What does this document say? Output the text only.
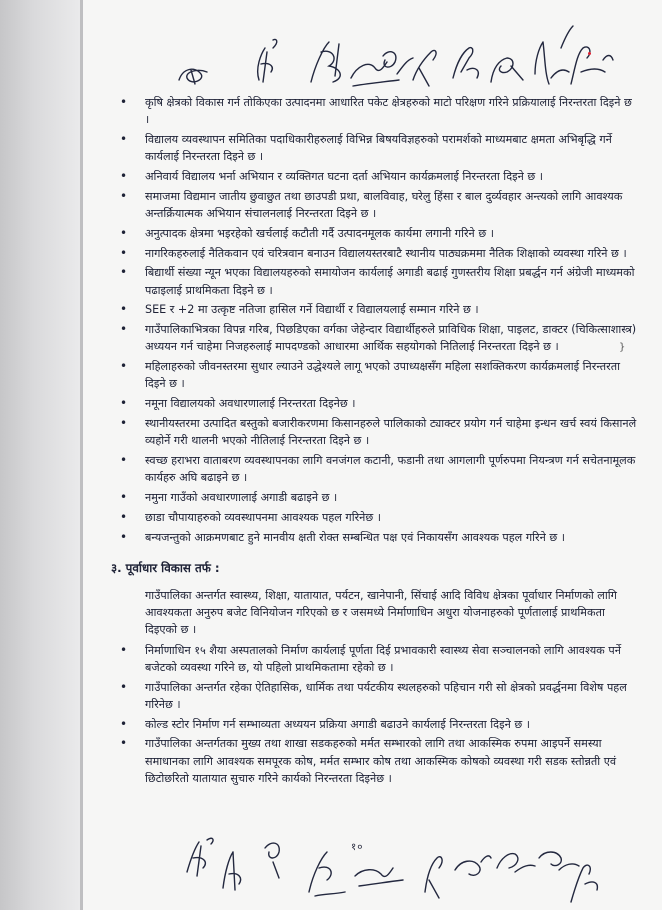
• कृषि क्षेत्रको विकास गर्न तोकिएका उत्पादनमा आधारित पकेट क्षेत्रहरुको माटो परिक्षण गरिने प्रक्रियालाई निरन्तरता दिइने छ ।
• विद्यालय व्यवस्थापन समितिका पदाधिकारीहरुलाई विभिन्न बिषयविज्ञहरुको परामर्शको माध्यमबाट क्षमता अभिबृद्धि गर्ने कार्यलाई निरन्तरता दिइने छ ।
• अनिवार्य विद्यालय भर्ना अभियान र व्यक्तिगत घटना दर्ता अभियान कार्यक्रमलाई निरन्तरता दिइने छ ।
• समाजमा विद्यमान जातीय छुवाछुत तथा छाउपडी प्रथा, बालविवाह, घरेलु हिंसा र बाल दुर्व्यवहार अन्त्यको लागि आवश्यक अन्तर्क्रियात्मक अभियान संचालनलाई निरन्तरता दिइने छ ।
• अनुत्पादक क्षेत्रमा भइरहेको खर्चलाई कटौती गर्दै उत्पादनमूलक कार्यमा लगानी गरिने छ ।
• नागरिकहरुलाई नैतिकवान एवं चरित्रवान बनाउन विद्यालयस्तरबाटै स्थानीय पाठ्यक्रममा नैतिक शिक्षाको व्यवस्था गरिने छ ।
• बिद्यार्थी संख्या न्यून भएका विद्यालयहरुको समायोजन कार्यलाई अगाडी बढाई गुणस्तरीय शिक्षा प्रबर्द्धन गर्न अंग्रेजी माध्यमको पढाइलाई प्राथमिकता दिइने छ ।
• SEE र +2 मा उत्कृष्ट नतिजा हासिल गर्ने विद्यार्थी र विद्यालयलाई सम्मान गरिने छ ।
• गाउँपालिकाभित्रका विपन्न गरिब, पिछडिएका वर्गका जेहेन्दार विद्यार्थीहरुले प्राविधिक शिक्षा, पाइलट, डाक्टर (चिकित्साशास्त्र) अध्ययन गर्न चाहेमा निजहरुलाई मापदण्डको आधारमा आर्थिक सहयोगको नितिलाई निरन्तरता दिइने छ ।
• महिलाहरुको जीवनस्तरमा सुधार ल्याउने उद्धेश्यले लागू भएको उपाध्यक्षसँग महिला सशक्तिकरण कार्यक्रमलाई निरन्तरता दिइने छ ।
• नमूना विद्यालयको अवधारणालाई निरन्तरता दिइनेछ ।
• स्थानीयस्तरमा उत्पादित बस्तुको बजारीकरणमा किसानहरुले पालिकाको ट्याक्टर प्रयोग गर्न चाहेमा इन्धन खर्च स्वयं किसानले व्यहोर्ने गरी थालनी भएको नीतिलाई निरन्तरता दिइने छ ।
• स्वच्छ हराभरा वाताबरण व्यवस्थापनका लागि वनजंगल कटानी, फडानी तथा आगलागी पूर्णरुपमा नियन्त्रण गर्न सचेतनामूलक कार्यहरु अघि बढाइने छ ।
• नमुना गाउँको अवधारणालाई अगाडी बढाइने छ ।
• छाडा चौपायाहरुको व्यवस्थापनमा आवश्यक पहल गरिनेछ ।
• बन्यजन्तुको आक्रमणबाट हुने मानवीय क्षती रोक्त सम्बन्धित पक्ष एवं निकायसँग आवश्यक पहल गरिने छ ।
३. पूर्वाधार विकास तर्फ :

गाउँपालिका अन्तर्गत स्वास्थ्य, शिक्षा, यातायात, पर्यटन, खानेपानी, सिंचाई आदि विविध क्षेत्रका पूर्वाधार निर्माणको लागि आवश्यकता अनुरुप बजेट विनियोजन गरिएको छ र जसमध्ये निर्माणाधिन अधुरा योजनाहरुको पूर्णतालाई प्राथमिकता दिइएको छ ।

• निर्माणाधिन १५ शैया अस्पतालको निर्माण कार्यलाई पूर्णता दिई प्रभावकारी स्वास्थ्य सेवा सञ्चालनको लागि आवश्यक पर्ने बजेटको व्यवस्था गरिने छ, यो पहिलो प्राथमिकतामा रहेको छ ।
• गाउँपालिका अन्तर्गत रहेका ऐतिहासिक, धार्मिक तथा पर्यटकीय स्थलहरुको पहिचान गरी सो क्षेत्रको प्रवर्द्धनमा विशेष पहल गरिनेछ ।
• कोल्ड स्टोर निर्माण गर्न सम्भाव्यता अध्ययन प्रक्रिया अगाडी बढाउने कार्यलाई निरन्तरता दिइने छ ।
• गाउँपालिका अन्तर्गतका मुख्य तथा शाखा सडकहरुको मर्मत सम्भारको लागि तथा आकस्मिक रुपमा आइपर्ने समस्या समाधानका लागि आवश्यक समपूरक कोष, मर्मत सम्भार कोष तथा आकस्मिक कोषको व्यवस्था गरी सडक स्तोन्नती एवं छिटोछरितो यातायात सुचारु गरिने कार्यको निरन्तरता दिइनेछ ।
}
१०
